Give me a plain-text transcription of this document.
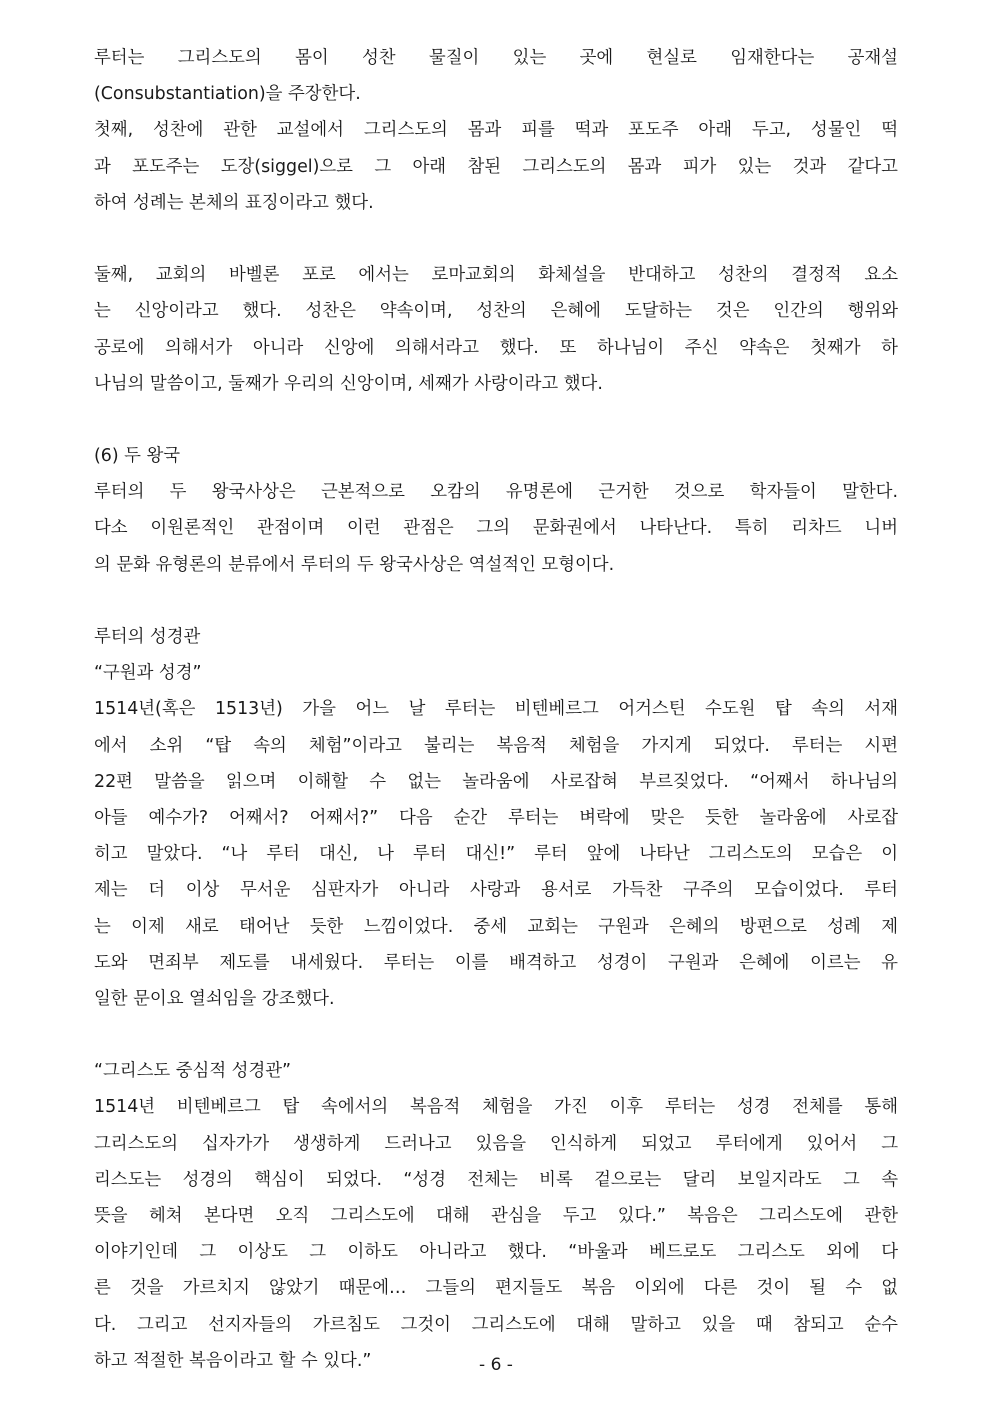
루터는 그리스도의 몸이 성찬 물질이 있는 곳에 현실로 임재한다는 공재설
(Consubstantiation)을 주장한다.
첫째, 성찬에 관한 교설에서 그리스도의 몸과 피를 떡과 포도주 아래 두고, 성물인 떡
과 포도주는 도장(siggel)으로 그 아래 참된 그리스도의 몸과 피가 있는 것과 같다고
하여 성례는 본체의 표징이라고 했다.
둘째, 교회의 바벨론 포로 에서는 로마교회의 화체설을 반대하고 성찬의 결정적 요소
는 신앙이라고 했다. 성찬은 약속이며, 성찬의 은혜에 도달하는 것은 인간의 행위와
공로에 의해서가 아니라 신앙에 의해서라고 했다. 또 하나님이 주신 약속은 첫째가 하
나님의 말씀이고, 둘째가 우리의 신앙이며, 세째가 사랑이라고 했다.
(6) 두 왕국
루터의 두 왕국사상은 근본적으로 오캄의 유명론에 근거한 것으로 학자들이 말한다.
다소 이원론적인 관점이며 이런 관점은 그의 문화권에서 나타난다. 특히 리차드 니버
의 문화 유형론의 분류에서 루터의 두 왕국사상은 역설적인 모형이다.
루터의 성경관
“구원과 성경”
1514년(혹은 1513년) 가을 어느 날 루터는 비텐베르그 어거스틴 수도원 탑 속의 서재
에서 소위 “탑 속의 체험”이라고 불리는 복음적 체험을 가지게 되었다. 루터는 시편
22편 말씀을 읽으며 이해할 수 없는 놀라움에 사로잡혀 부르짖었다. “어째서 하나님의
아들 예수가? 어째서? 어째서?” 다음 순간 루터는 벼락에 맞은 듯한 놀라움에 사로잡
히고 말았다. “나 루터 대신, 나 루터 대신!” 루터 앞에 나타난 그리스도의 모습은 이
제는 더 이상 무서운 심판자가 아니라 사랑과 용서로 가득찬 구주의 모습이었다. 루터
는 이제 새로 태어난 듯한 느낌이었다. 중세 교회는 구원과 은혜의 방편으로 성례 제
도와 면죄부 제도를 내세웠다. 루터는 이를 배격하고 성경이 구원과 은혜에 이르는 유
일한 문이요 열쇠임을 강조했다.
“그리스도 중심적 성경관”
1514년 비텐베르그 탑 속에서의 복음적 체험을 가진 이후 루터는 성경 전체를 통해
그리스도의 십자가가 생생하게 드러나고 있음을 인식하게 되었고 루터에게 있어서 그
리스도는 성경의 핵심이 되었다. “성경 전체는 비록 겉으로는 달리 보일지라도 그 속
뜻을 헤쳐 본다면 오직 그리스도에 대해 관심을 두고 있다.” 복음은 그리스도에 관한
이야기인데 그 이상도 그 이하도 아니라고 했다. “바울과 베드로도 그리스도 외에 다
른 것을 가르치지 않았기 때문에… 그들의 편지들도 복음 이외에 다른 것이 될 수 없
다. 그리고 선지자들의 가르침도 그것이 그리스도에 대해 말하고 있을 때 참되고 순수
하고 적절한 복음이라고 할 수 있다.”	- 6 -
